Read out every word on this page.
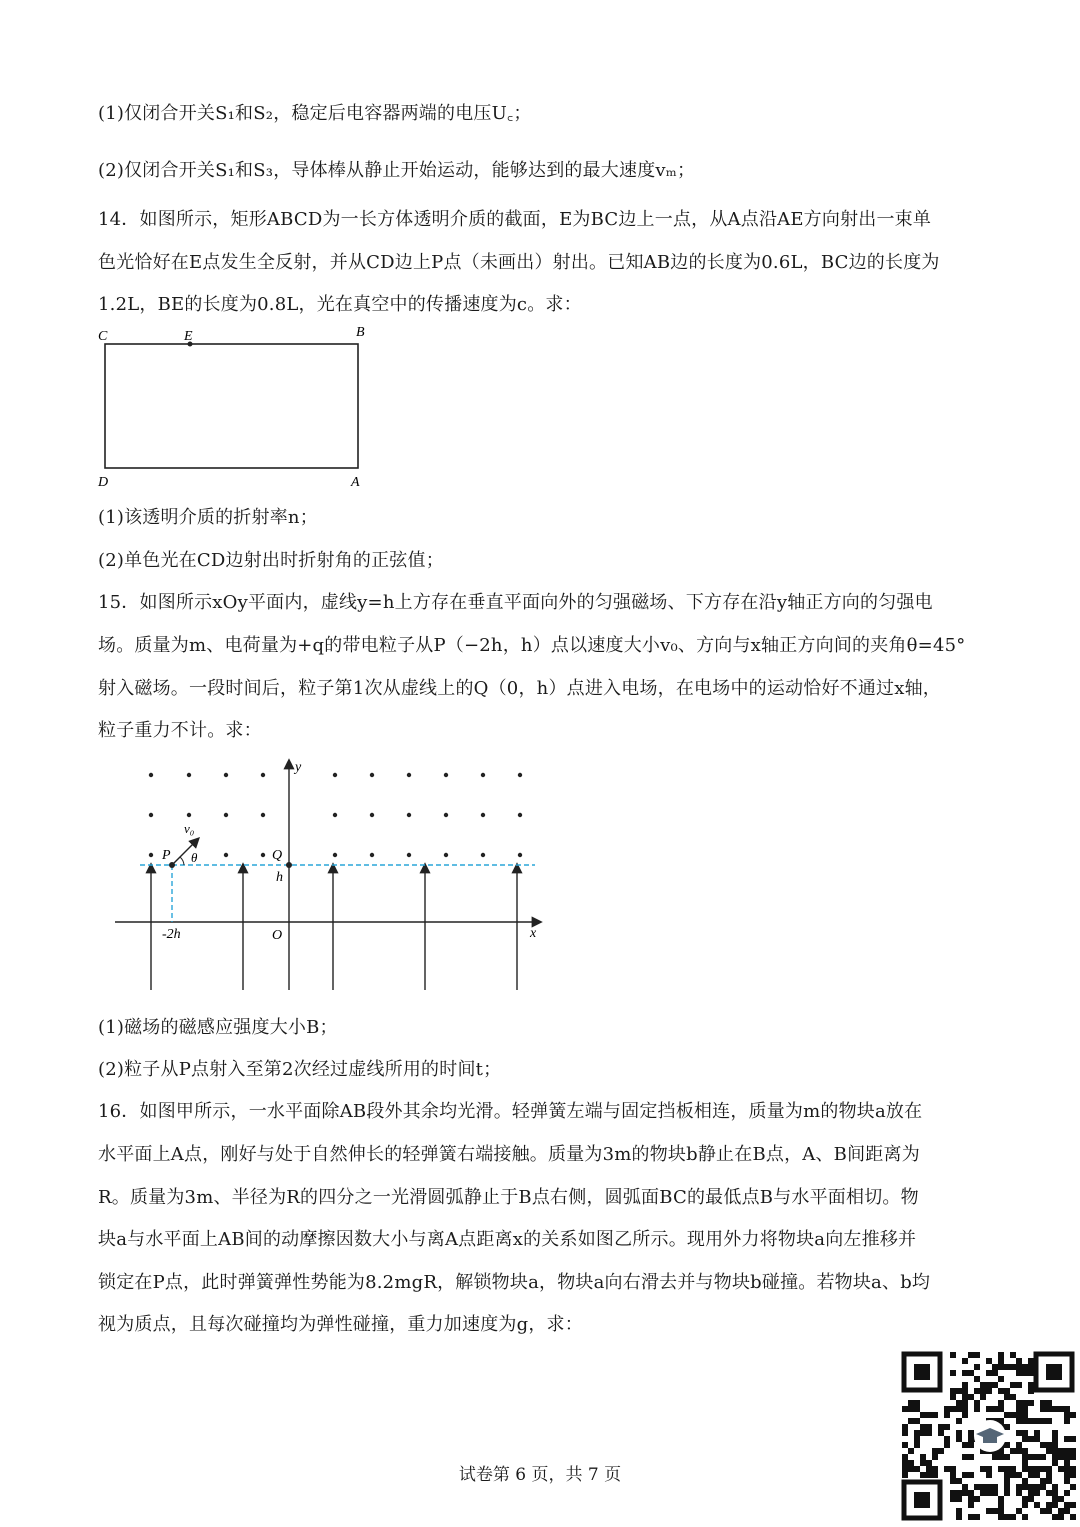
(1)仅闭合开关S₁和S₂，稳定后电容器两端的电压U꜀；
(2)仅闭合开关S₁和S₃，导体棒从静止开始运动，能够达到的最大速度vₘ；
14．如图所示，矩形ABCD为一长方体透明介质的截面，E为BC边上一点，从A点沿AE方向射出一束单
色光恰好在E点发生全反射，并从CD边上P点（未画出）射出。已知AB边的长度为0.6L，BC边的长度为
1.2L，BE的长度为0.8L，光在真空中的传播速度为c。求：
C	E	B
D	A
(1)该透明介质的折射率n；
(2)单色光在CD边射出时折射角的正弦值；
15．如图所示xOy平面内，虚线y=h上方存在垂直平面向外的匀强磁场、下方存在沿y轴正方向的匀强电
场。质量为m、电荷量为+q的带电粒子从P（−2h，h）点以速度大小v₀、方向与x轴正方向间的夹角θ=45°
射入磁场。一段时间后，粒子第1次从虚线上的Q（0，h）点进入电场，在电场中的运动恰好不通过x轴，
粒子重力不计。求：
y
x
O
P	Q
h
-2h
v₀
θ
(1)磁场的磁感应强度大小B；
(2)粒子从P点射入至第2次经过虚线所用的时间t；
16．如图甲所示，一水平面除AB段外其余均光滑。轻弹簧左端与固定挡板相连，质量为m的物块a放在
水平面上A点，刚好与处于自然伸长的轻弹簧右端接触。质量为3m的物块b静止在B点，A、B间距离为
R。质量为3m、半径为R的四分之一光滑圆弧静止于B点右侧，圆弧面BC的最低点B与水平面相切。物
块a与水平面上AB间的动摩擦因数大小与离A点距离x的关系如图乙所示。现用外力将物块a向左推移并
锁定在P点，此时弹簧弹性势能为8.2mgR，解锁物块a，物块a向右滑去并与物块b碰撞。若物块a、b均
视为质点，且每次碰撞均为弹性碰撞，重力加速度为g，求：
试卷第 6 页，共 7 页
